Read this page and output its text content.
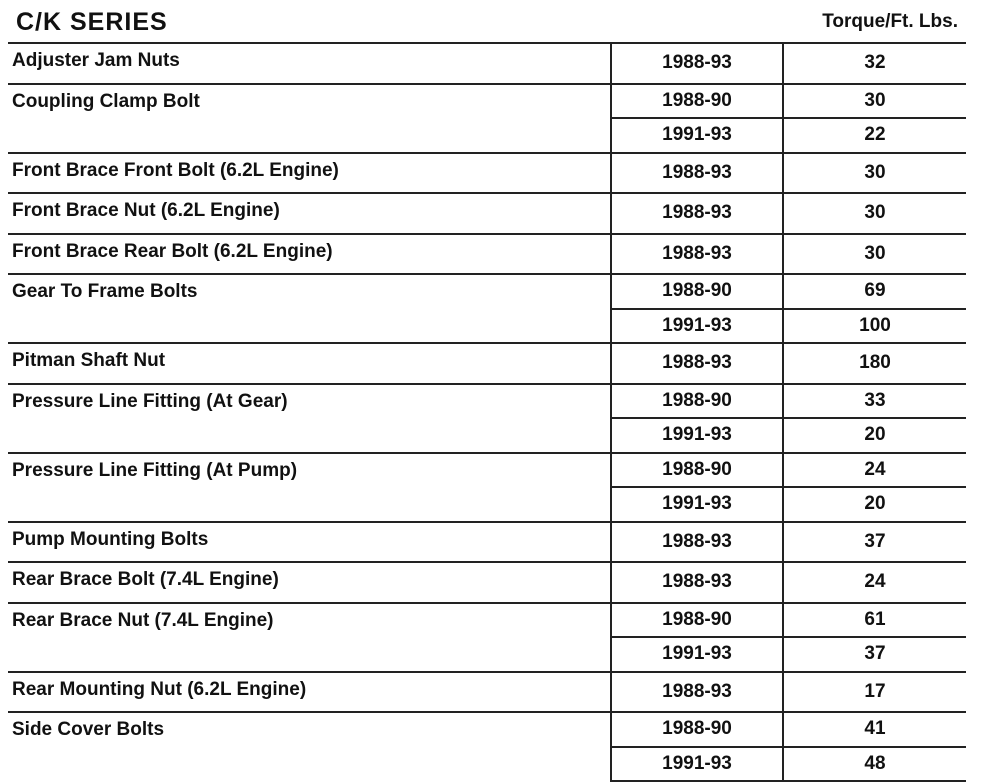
C/K SERIES	Torque/Ft. Lbs.
Adjuster Jam Nuts	1988-93	32
Coupling Clamp Bolt	1988-90	30
	1991-93	22
Front Brace Front Bolt (6.2L Engine)	1988-93	30
Front Brace Nut (6.2L Engine)	1988-93	30
Front Brace Rear Bolt (6.2L Engine)	1988-93	30
Gear To Frame Bolts	1988-90	69
	1991-93	100
Pitman Shaft Nut	1988-93	180
Pressure Line Fitting (At Gear)	1988-90	33
	1991-93	20
Pressure Line Fitting (At Pump)	1988-90	24
	1991-93	20
Pump Mounting Bolts	1988-93	37
Rear Brace Bolt (7.4L Engine)	1988-93	24
Rear Brace Nut (7.4L Engine)	1988-90	61
	1991-93	37
Rear Mounting Nut (6.2L Engine)	1988-93	17
Side Cover Bolts	1988-90	41
	1991-93	48
